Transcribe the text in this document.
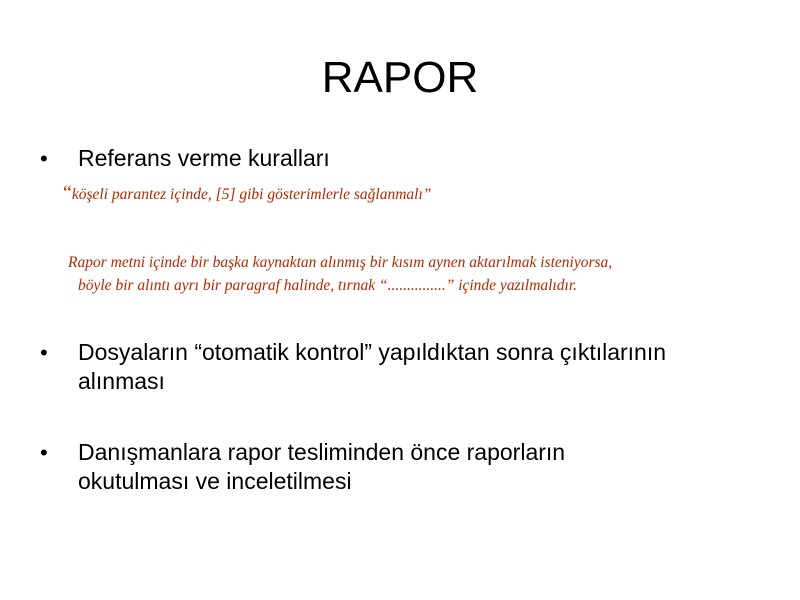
RAPOR
• Referans verme kuralları
“köşeli parantez içinde, [5] gibi gösterimlerle sağlanmalı”
Rapor metni içinde bir başka kaynaktan alınmış bir kısım aynen aktarılmak isteniyorsa,
böyle bir alıntı ayrı bir paragraf halinde, tırnak “...............” içinde yazılmalıdır.
• Dosyaların “otomatik kontrol” yapıldıktan sonra çıktılarının alınması
• Danışmanlara rapor tesliminden önce raporların okutulması ve inceletilmesi
